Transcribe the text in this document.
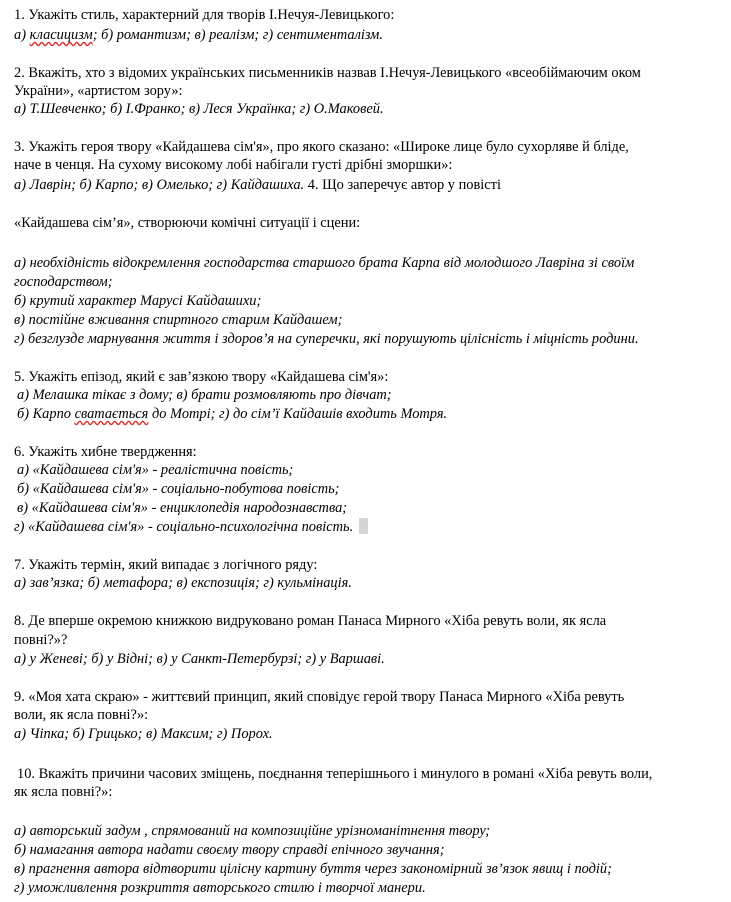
1. Укажіть стиль, характерний для творів І.Нечуя-Левицького:
а) класицизм; б) романтизм; в) реалізм; г) сентименталізм.
2. Вкажіть, хто з відомих українських письменників назвав І.Нечуя-Левицького «всеобіймаючим оком
України», «артистом зору»:
а) Т.Шевченко; б) І.Франко; в) Леся Українка; г) О.Маковей.
3. Укажіть героя твору «Кайдашева сім'я», про якого сказано: «Широке лице було сухорляве й бліде,
наче в ченця. На сухому високому лобі набігали густі дрібні зморшки»:
а) Лаврін; б) Карпо; в) Омелько; г) Кайдашиха. 4. Що заперечує автор у повісті
«Кайдашева сім’я», створюючи комічні ситуації і сцени:
а) необхідність відокремлення господарства старшого брата Карпа від молодшого Лавріна зі своїм
господарством;
б) крутий характер Марусі Кайдашихи;
в) постійне вживання спиртного старим Кайдашем;
г) безглузде марнування життя і здоров’я на суперечки, які порушують цілісність і міцність родини.
5. Укажіть епізод, який є зав’язкою твору «Кайдашева сім'я»:
а) Мелашка тікає з дому; в) брати розмовляють про дівчат;
б) Карпо сватається до Мотрі; г) до сім’ї Кайдашів входить Мотря.
6. Укажіть хибне твердження:
а) «Кайдашева сім'я» - реалістична повість;
б) «Кайдашева сім'я» - соціально-побутова повість;
в) «Кайдашева сім'я» - енциклопедія народознавства;
г) «Кайдашева сім'я» - соціально-психологічна повість.
7. Укажіть термін, який випадає з логічного ряду:
а) зав’язка; б) метафора; в) експозиція; г) кульмінація.
8. Де вперше окремою книжкою видруковано роман Панаса Мирного «Хіба ревуть воли, як ясла
повні?»?
а) у Женеві; б) у Відні; в) у Санкт-Петербурзі; г) у Варшаві.
9. «Моя хата скраю» - життєвий принцип, який сповідує герой твору Панаса Мирного «Хіба ревуть
воли, як ясла повні?»:
а) Чіпка; б) Грицько; в) Максим; г) Порох.
10. Вкажіть причини часових зміщень, поєднання теперішнього і минулого в романі «Хіба ревуть воли,
як ясла повні?»:
а) авторський задум , спрямований на композиційне урізноманітнення твору;
б) намагання автора надати своєму твору справді епічного звучання;
в) прагнення автора відтворити цілісну картину буття через закономірний зв’язок явищ і подій;
г) уможливлення розкриття авторського стилю і творчої манери.
